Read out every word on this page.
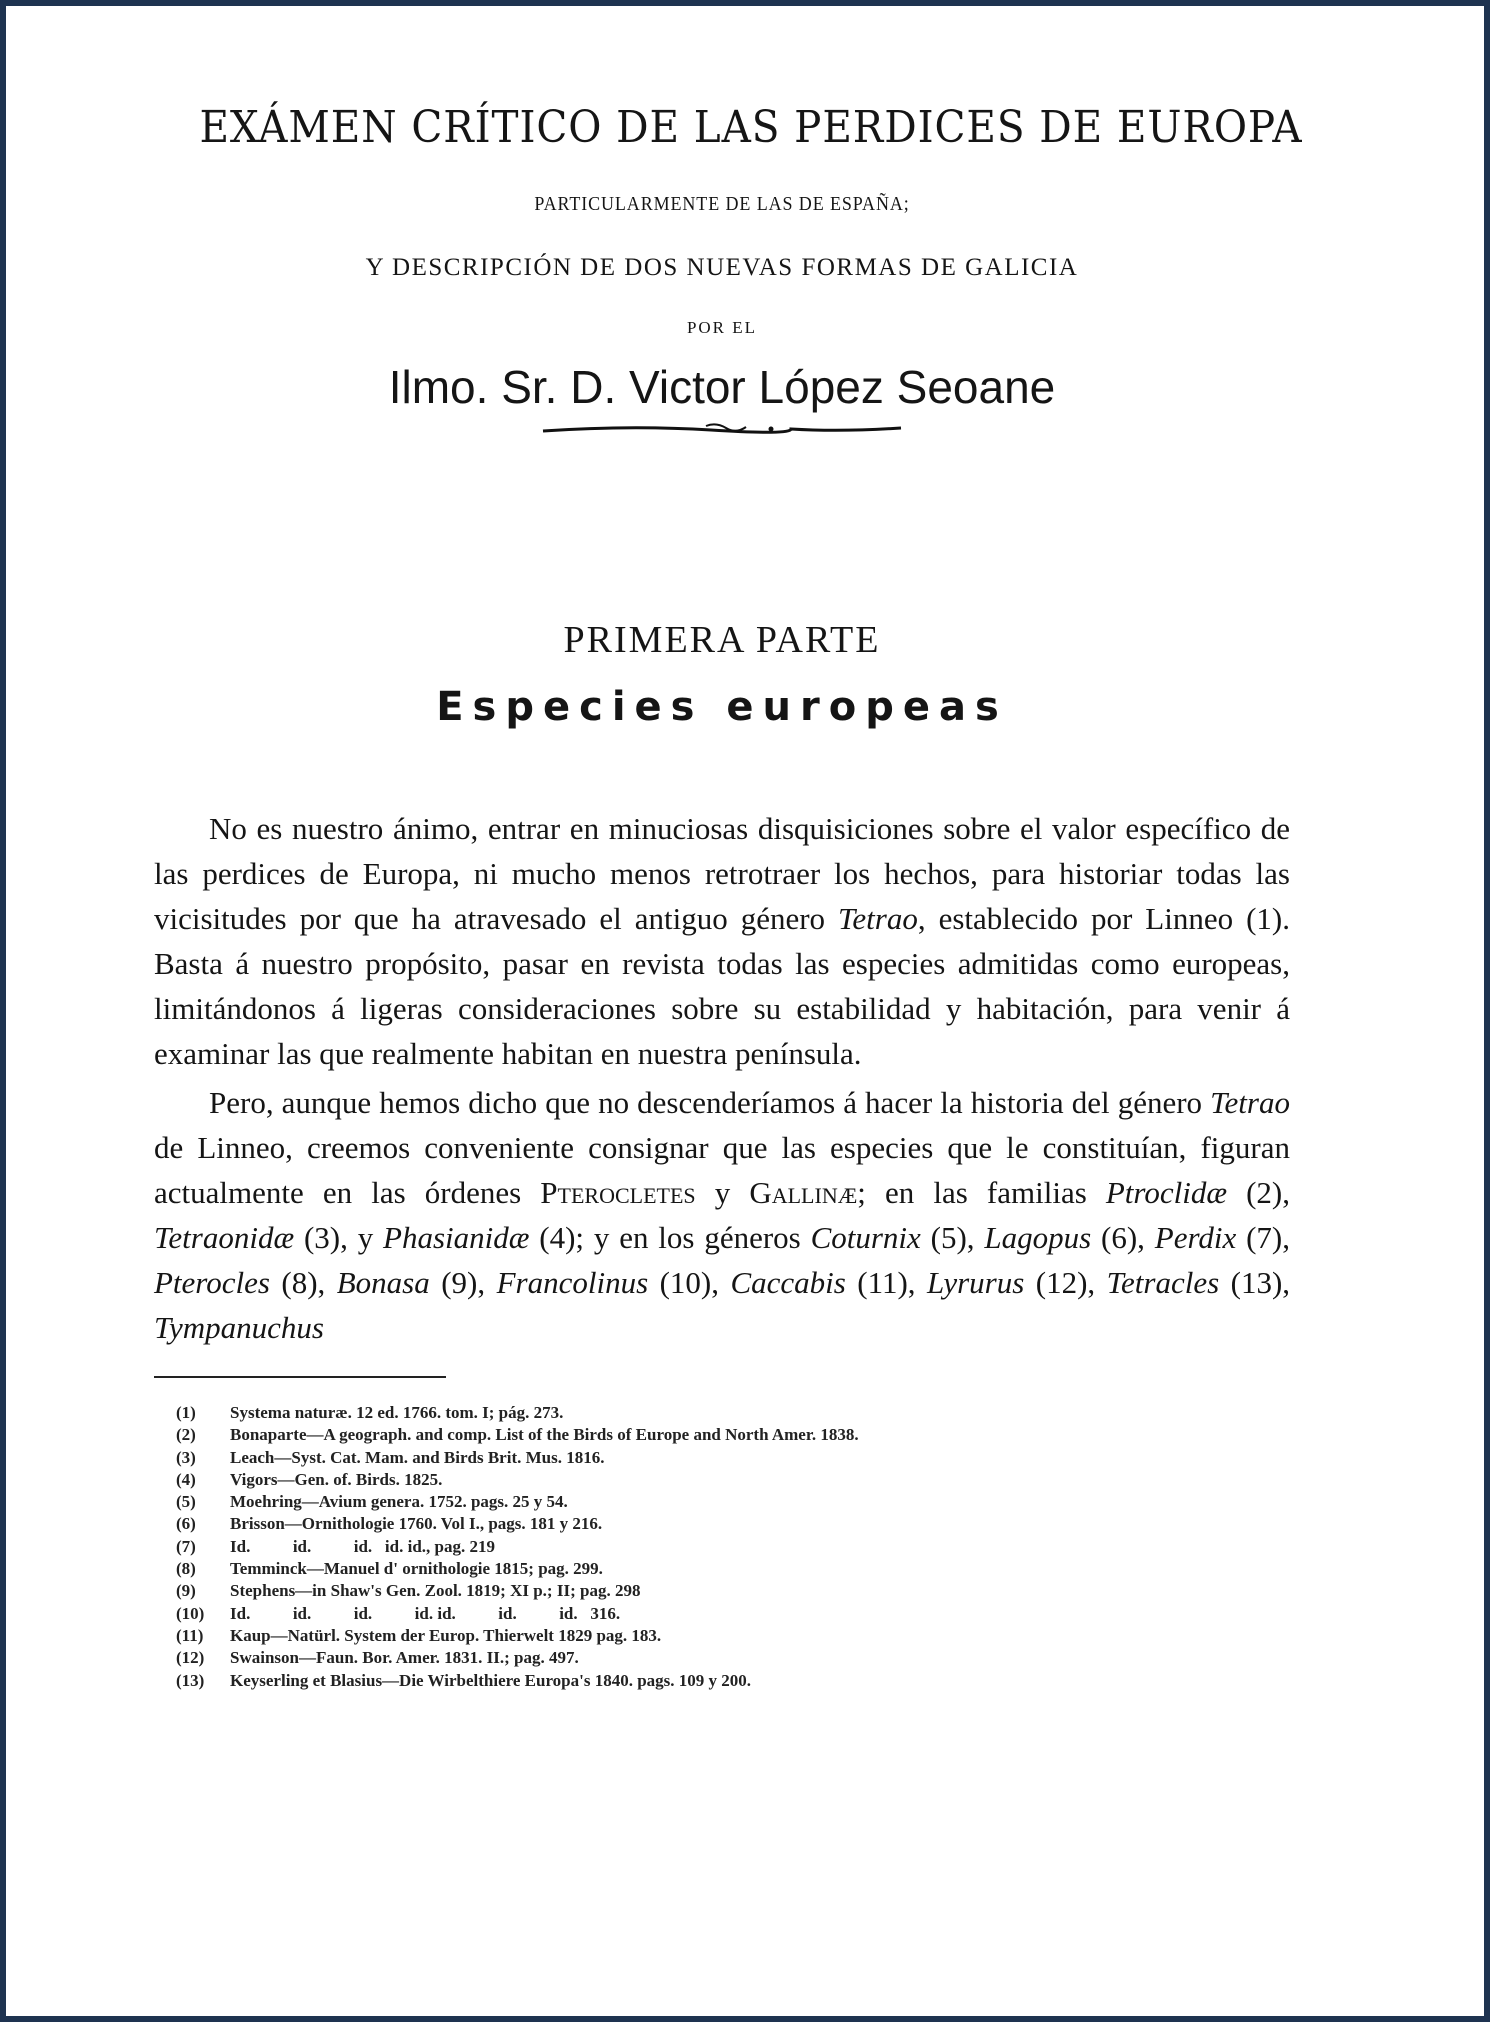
EXÁMEN CRÍTICO DE LAS PERDICES DE EUROPA
PARTICULARMENTE DE LAS DE ESPAÑA;
Y DESCRIPCIÓN DE DOS NUEVAS FORMAS DE GALICIA
POR EL
Ilmo. Sr. D. Victor López Seoane
PRIMERA PARTE
Especies europeas

No es nuestro ánimo, entrar en minuciosas disquisiciones sobre el valor específico de las perdices de Europa, ni mucho menos retrotraer los hechos, para historiar todas las vicisitudes por que ha atravesado el antiguo género Tetrao, establecido por Linneo (1). Basta á nuestro propósito, pasar en revista todas las especies admitidas como europeas, limitándonos á ligeras consideraciones sobre su estabilidad y habitación, para venir á examinar las que realmente habitan en nuestra península.

Pero, aunque hemos dicho que no descenderíamos á hacer la historia del género Tetrao de Linneo, creemos conveniente consignar que las especies que le constituían, figuran actualmente en las órdenes Pterocletes y Gallinæ; en las familias Ptroclidæ (2), Tetraonidæ (3), y Phasianidæ (4); y en los géneros Coturnix (5), Lagopus (6), Perdix (7), Pterocles (8), Bonasa (9), Francolinus (10), Caccabis (11), Lyrurus (12), Tetracles (13), Tympanuchus

(1)	Systema naturæ. 12 ed. 1766. tom. I; pág. 273.
(2)	Bonaparte—A geograph. and comp. List of the Birds of Europe and North Amer. 1838.
(3)	Leach—Syst. Cat. Mam. and Birds Brit. Mus. 1816.
(4)	Vigors—Gen. of. Birds. 1825.
(5)	Moehring—Avium genera. 1752. pags. 25 y 54.
(6)	Brisson—Ornithologie 1760. Vol I., pags. 181 y 216.
(7)	Id.          id.          id.   id. id., pag. 219
(8)	Temminck—Manuel d' ornithologie 1815; pag. 299.
(9)	Stephens—in Shaw's Gen. Zool. 1819; XI p.; II; pag. 298
(10)	Id.          id.          id.          id. id.          id.          id.   316.
(11)	Kaup—Natürl. System der Europ. Thierwelt 1829 pag. 183.
(12)	Swainson—Faun. Bor. Amer. 1831. II.; pag. 497.
(13)	Keyserling et Blasius—Die Wirbelthiere Europa's 1840. pags. 109 y 200.
